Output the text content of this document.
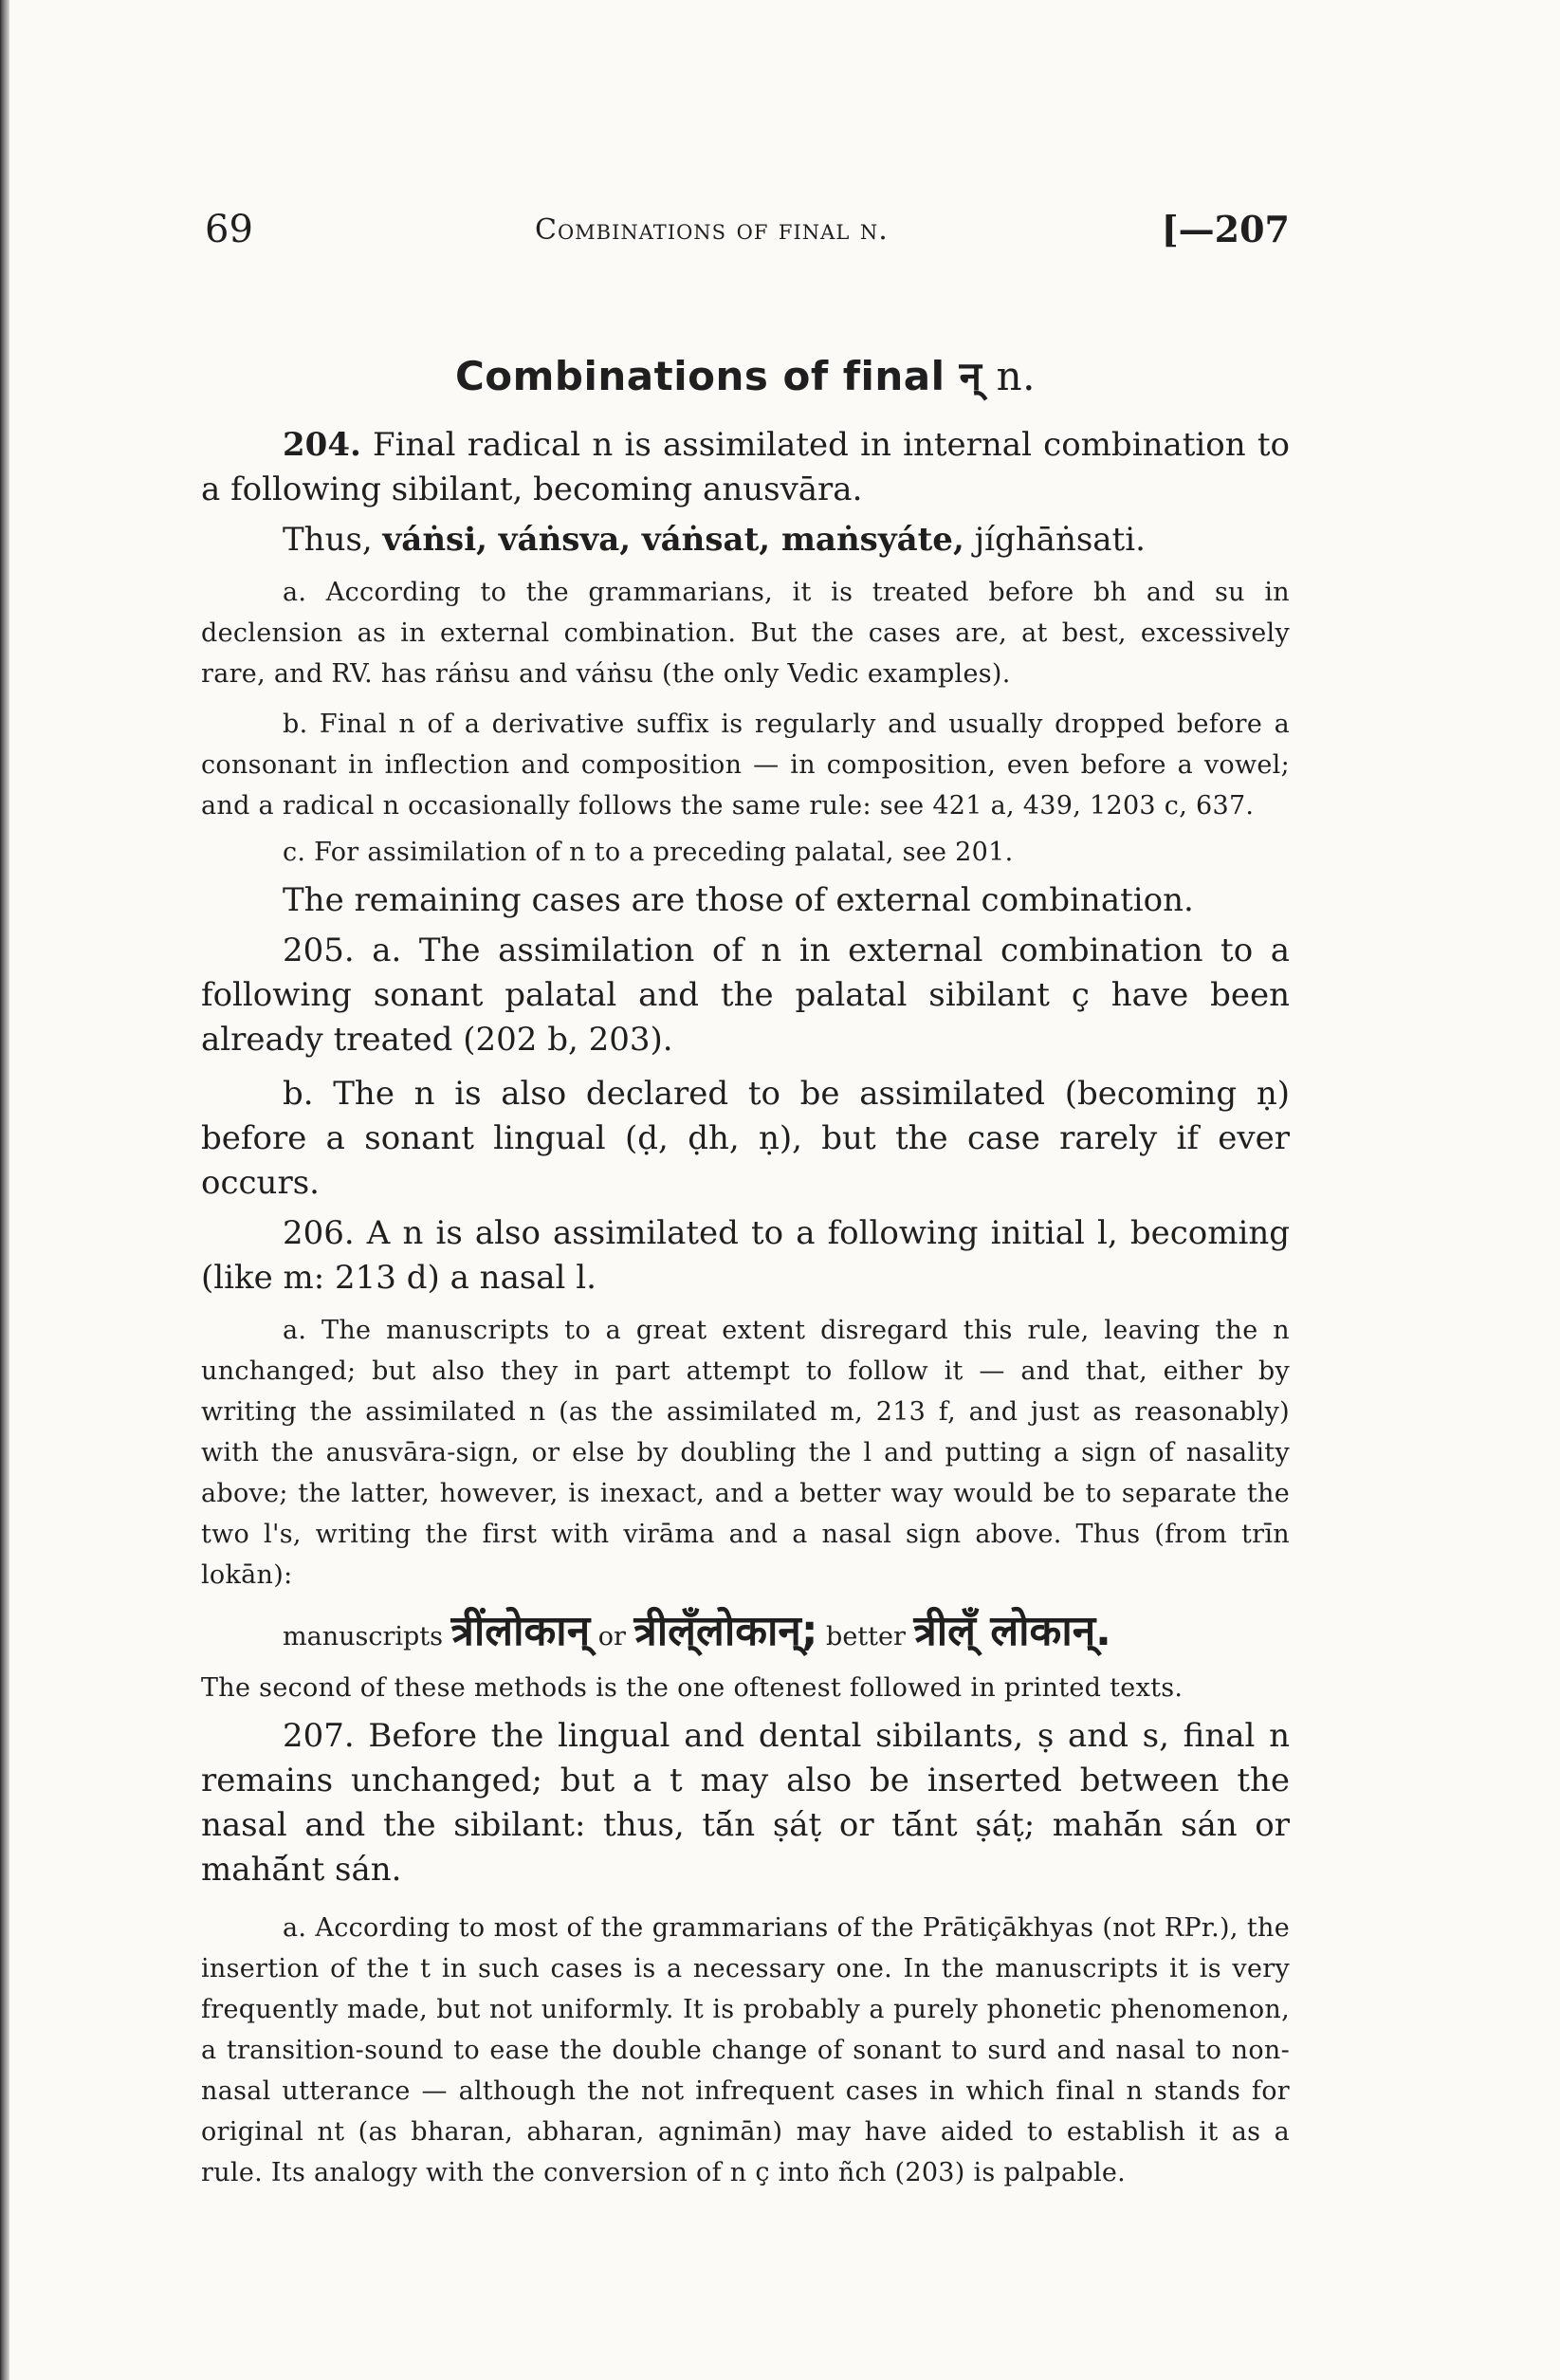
69	Combinations of final n.	[—207
Combinations of final न् n.

204. Final radical n is assimilated in internal combination to a following sibilant, becoming anusvāra.

Thus, váṅsi, váṅsva, váṅsat, maṅsyáte, jíghāṅsati.

a. According to the grammarians, it is treated before bh and su in declension as in external combination. But the cases are, at best, excessively rare, and RV. has ráṅsu and váṅsu (the only Vedic examples).

b. Final n of a derivative suffix is regularly and usually dropped before a consonant in inflection and composition — in composition, even before a vowel; and a radical n occasionally follows the same rule: see 421 a, 439, 1203 c, 637.

c. For assimilation of n to a preceding palatal, see 201.

The remaining cases are those of external combination.

205. a. The assimilation of n in external combination to a following sonant palatal and the palatal sibilant ç have been already treated (202 b, 203).

b. The n is also declared to be assimilated (becoming ṇ) before a sonant lingual (ḍ, ḍh, ṇ), but the case rarely if ever occurs.

206. A n is also assimilated to a following initial l, becoming (like m: 213 d) a nasal l.

a. The manuscripts to a great extent disregard this rule, leaving the n unchanged; but also they in part attempt to follow it — and that, either by writing the assimilated n (as the assimilated m, 213 f, and just as reasonably) with the anusvāra-sign, or else by doubling the l and putting a sign of nasality above; the latter, however, is inexact, and a better way would be to separate the two l's, writing the first with virāma and a nasal sign above. Thus (from trīn lokān):

manuscripts त्रींलोकान् or त्रील्ँलोकान्; better त्रील्ँ लोकान्.

The second of these methods is the one oftenest followed in printed texts.

207. Before the lingual and dental sibilants, ṣ and s, final n remains unchanged; but a t may also be inserted between the nasal and the sibilant: thus, tā́n ṣáṭ or tā́nt ṣáṭ; mahā́n sán or mahā́nt sán.

a. According to most of the grammarians of the Prātiçākhyas (not RPr.), the insertion of the t in such cases is a necessary one. In the manuscripts it is very frequently made, but not uniformly. It is probably a purely phonetic phenomenon, a transition-sound to ease the double change of sonant to surd and nasal to non-nasal utterance — although the not infrequent cases in which final n stands for original nt (as bharan, abharan, agnimān) may have aided to establish it as a rule. Its analogy with the conversion of n ç into ñch (203) is palpable.
